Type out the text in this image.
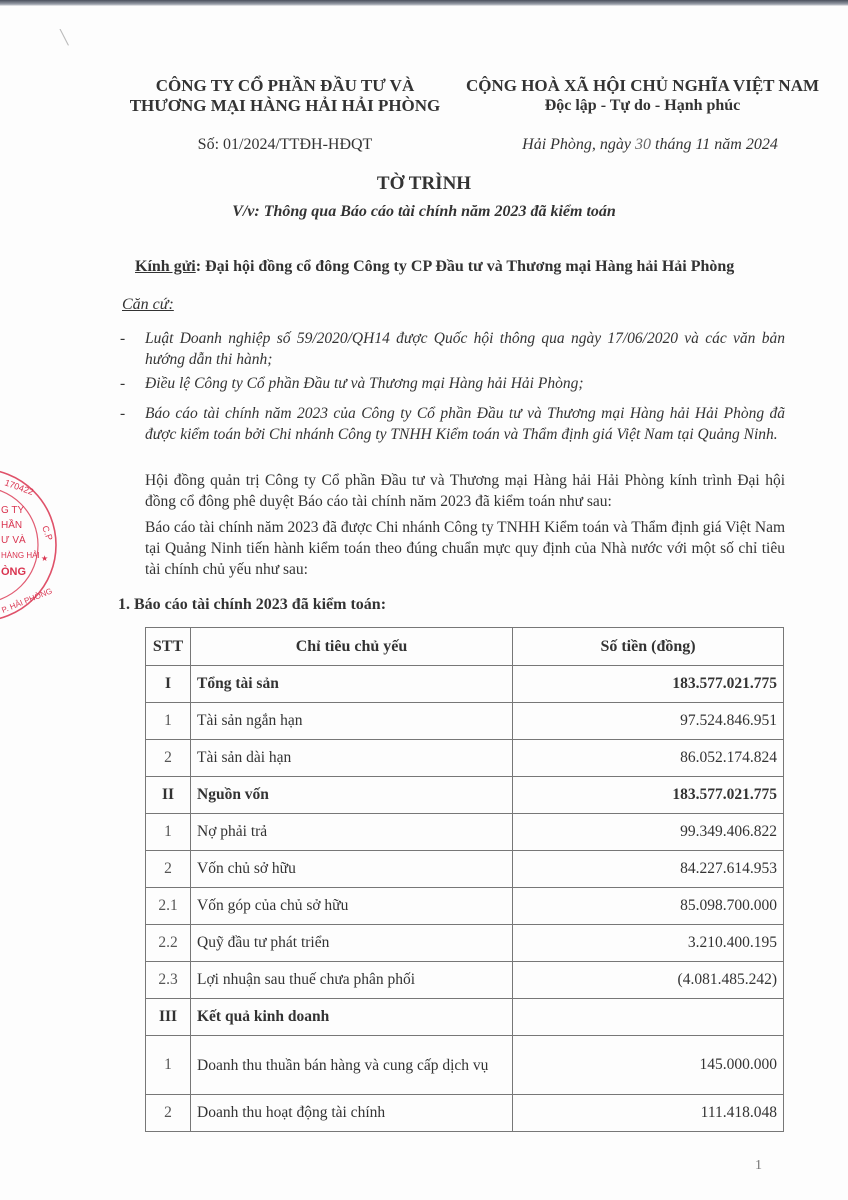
╲
170422
G TY
HẦN
Ư VÀ
HÀNG HẢI
ÒNG
C.P
★
P. HẢI PHÒNG
CÔNG TY CỔ PHẦN ĐẦU TƯ VÀ
THƯƠNG MẠI HÀNG HẢI HẢI PHÒNG
CỘNG HOÀ XÃ HỘI CHỦ NGHĨA VIỆT NAM
Độc lập - Tự do - Hạnh phúc
Số: 01/2024/TTĐH-HĐQT	Hải Phòng, ngày 30 tháng 11 năm 2024
TỜ TRÌNH
V/v: Thông qua Báo cáo tài chính năm 2023 đã kiểm toán
Kính gửi: Đại hội đồng cổ đông Công ty CP Đầu tư và Thương mại Hàng hải Hải Phòng
Căn cứ:
- Luật Doanh nghiệp số 59/2020/QH14 được Quốc hội thông qua ngày 17/06/2020 và các văn bản hướng dẫn thi hành;
- Điều lệ Công ty Cổ phần Đầu tư và Thương mại Hàng hải Hải Phòng;
- Báo cáo tài chính năm 2023 của Công ty Cổ phần Đầu tư và Thương mại Hàng hải Hải Phòng đã được kiểm toán bởi Chi nhánh Công ty TNHH Kiểm toán và Thẩm định giá Việt Nam tại Quảng Ninh.
Hội đồng quản trị Công ty Cổ phần Đầu tư và Thương mại Hàng hải Hải Phòng kính trình Đại hội đồng cổ đông phê duyệt Báo cáo tài chính năm 2023 đã kiểm toán như sau:
Báo cáo tài chính năm 2023 đã được Chi nhánh Công ty TNHH Kiểm toán và Thẩm định giá Việt Nam tại Quảng Ninh tiến hành kiểm toán theo đúng chuẩn mực quy định của Nhà nước với một số chỉ tiêu tài chính chủ yếu như sau:
1. Báo cáo tài chính 2023 đã kiểm toán:
STT	Chỉ tiêu chủ yếu	Số tiền (đồng)
I	Tổng tài sản	183.577.021.775
1	Tài sản ngắn hạn	97.524.846.951
2	Tài sản dài hạn	86.052.174.824
II	Nguồn vốn	183.577.021.775
1	Nợ phải trả	99.349.406.822
2	Vốn chủ sở hữu	84.227.614.953
2.1	Vốn góp của chủ sở hữu	85.098.700.000
2.2	Quỹ đầu tư phát triển	3.210.400.195
2.3	Lợi nhuận sau thuế chưa phân phối	(4.081.485.242)
III	Kết quả kinh doanh	
1	Doanh thu thuần bán hàng và cung cấp dịch vụ	145.000.000
2	Doanh thu hoạt động tài chính	111.418.048
1
